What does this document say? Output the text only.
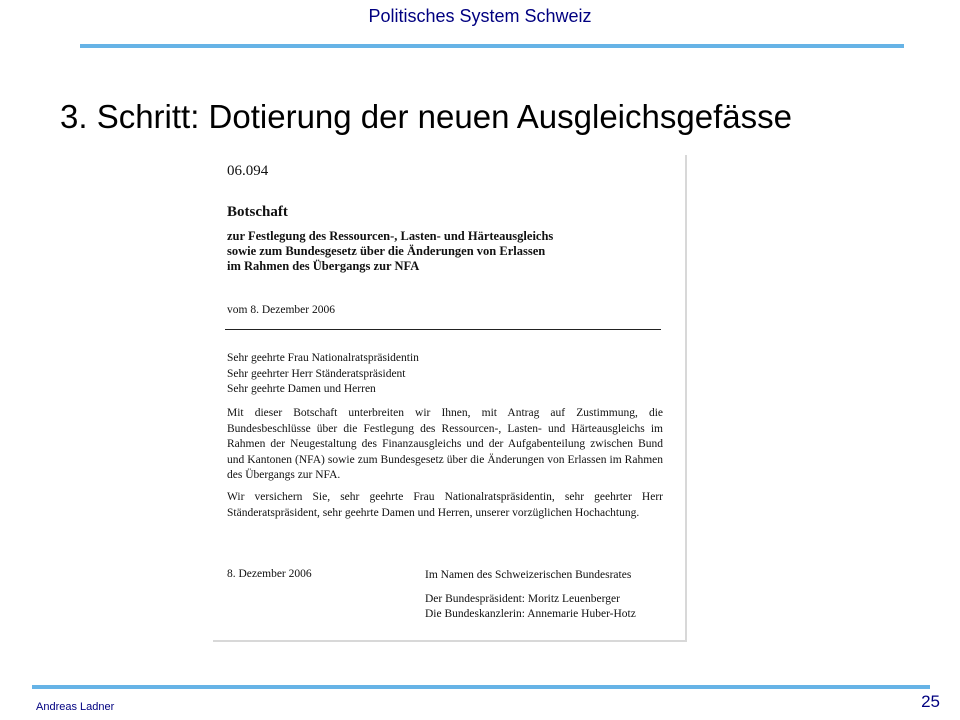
Politisches System Schweiz
3. Schritt: Dotierung der neuen Ausgleichsgefässe
06.094
Botschaft
zur Festlegung des Ressourcen-, Lasten- und Härteausgleichs
sowie zum Bundesgesetz über die Änderungen von Erlassen
im Rahmen des Übergangs zur NFA
vom 8. Dezember 2006
Sehr geehrte Frau Nationalratspräsidentin
Sehr geehrter Herr Ständeratspräsident
Sehr geehrte Damen und Herren
Mit dieser Botschaft unterbreiten wir Ihnen, mit Antrag auf Zustimmung, die Bundesbeschlüsse über die Festlegung des Ressourcen-, Lasten- und Härteausgleichs im Rahmen der Neugestaltung des Finanzausgleichs und der Aufgabenteilung zwischen Bund und Kantonen (NFA) sowie zum Bundesgesetz über die Änderungen von Erlassen im Rahmen des Übergangs zur NFA.
Wir versichern Sie, sehr geehrte Frau Nationalratspräsidentin, sehr geehrter Herr Ständeratspräsident, sehr geehrte Damen und Herren, unserer vorzüglichen Hochachtung.
8. Dezember 2006	Im Namen des Schweizerischen Bundesrates
Der Bundespräsident: Moritz Leuenberger
Die Bundeskanzlerin: Annemarie Huber-Hotz
Andreas Ladner	25
